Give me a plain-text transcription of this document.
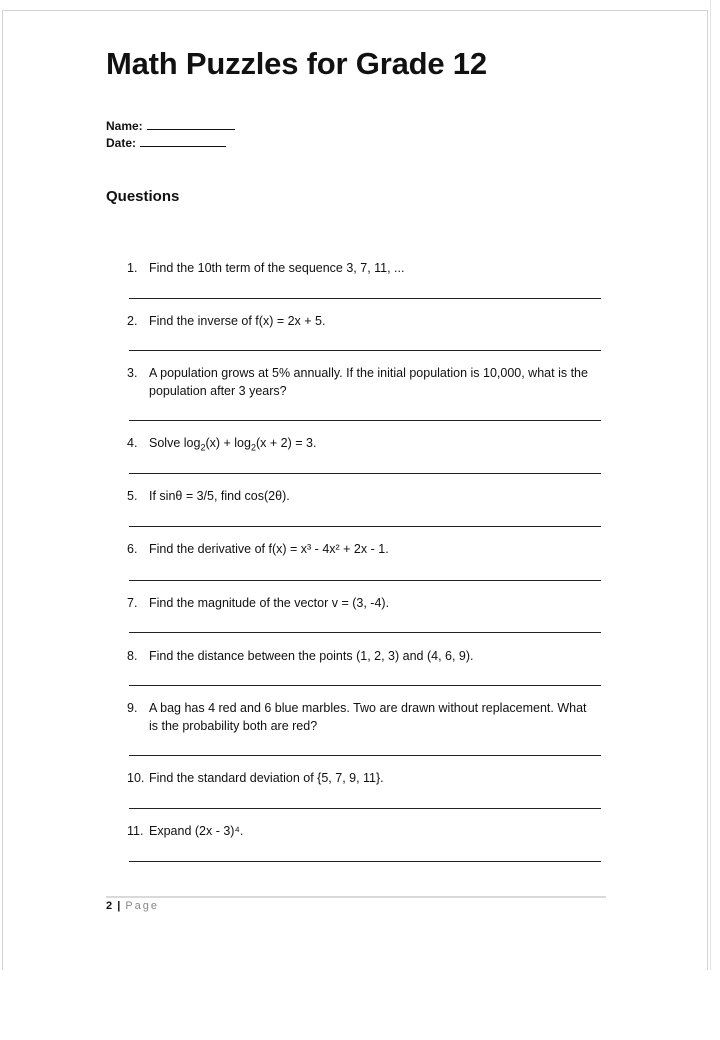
Math Puzzles for Grade 12
Name:
Date:
Questions
1. Find the 10th term of the sequence 3, 7, 11, ...
2. Find the inverse of f(x) = 2x + 5.
3. A population grows at 5% annually. If the initial population is 10,000, what is the population after 3 years?
4. Solve $\log_2(x) + \log_2(x + 2) = 3$.
5. If sinθ = 3/5, find cos(2θ).
6. Find the derivative of f(x) = x³ - 4x² + 2x - 1.
7. Find the magnitude of the vector v = (3, -4).
8. Find the distance between the points (1, 2, 3) and (4, 6, 9).
9. A bag has 4 red and 6 blue marbles. Two are drawn without replacement. What is the probability both are red?
10. Find the standard deviation of {5, 7, 9, 11}.
11. Expand (2x - 3)⁴.
2 | Page
